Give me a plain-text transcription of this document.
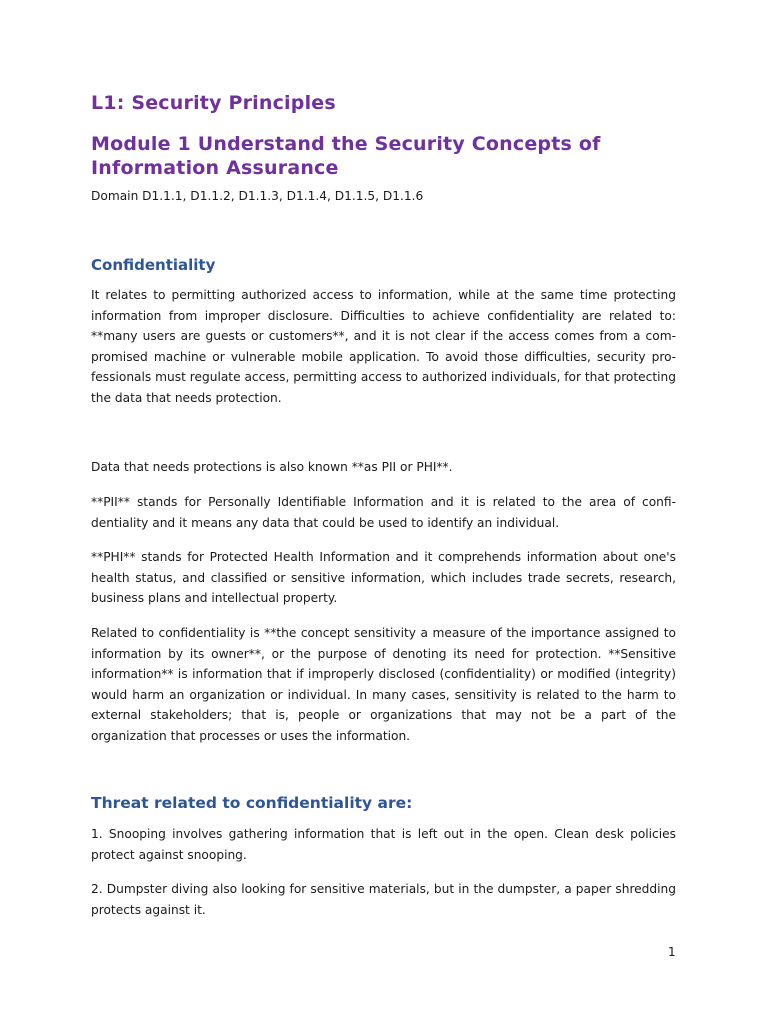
L1: Security Principles
Module 1 Understand the Security Concepts of Information Assurance

Domain D1.1.1, D1.1.2, D1.1.3, D1.1.4, D1.1.5, D1.1.6

Confidentiality

It relates to permitting authorized access to information, while at the same time protecting information from improper disclosure. Difficulties to achieve confidentiality are related to: **many users are guests or customers**, and it is not clear if the access comes from a compromised machine or vulnerable mobile application. To avoid those difficulties, security professionals must regulate access, permitting access to authorized individuals, for that protecting the data that needs protection.

Data that needs protections is also known **as PII or PHI**.

**PII** stands for Personally Identifiable Information and it is related to the area of confidentiality and it means any data that could be used to identify an individual.

**PHI** stands for Protected Health Information and it comprehends information about one's health status, and classified or sensitive information, which includes trade secrets, research, business plans and intellectual property.

Related to confidentiality is **the concept sensitivity a measure of the importance assigned to information by its owner**, or the purpose of denoting its need for protection. **Sensitive information** is information that if improperly disclosed (confidentiality) or modified (integrity) would harm an organization or individual. In many cases, sensitivity is related to the harm to external stakeholders; that is, people or organizations that may not be a part of the organization that processes or uses the information.

Threat related to confidentiality are:

1. Snooping involves gathering information that is left out in the open. Clean desk policies protect against snooping.

2. Dumpster diving also looking for sensitive materials, but in the dumpster, a paper shredding protects against it.

1
